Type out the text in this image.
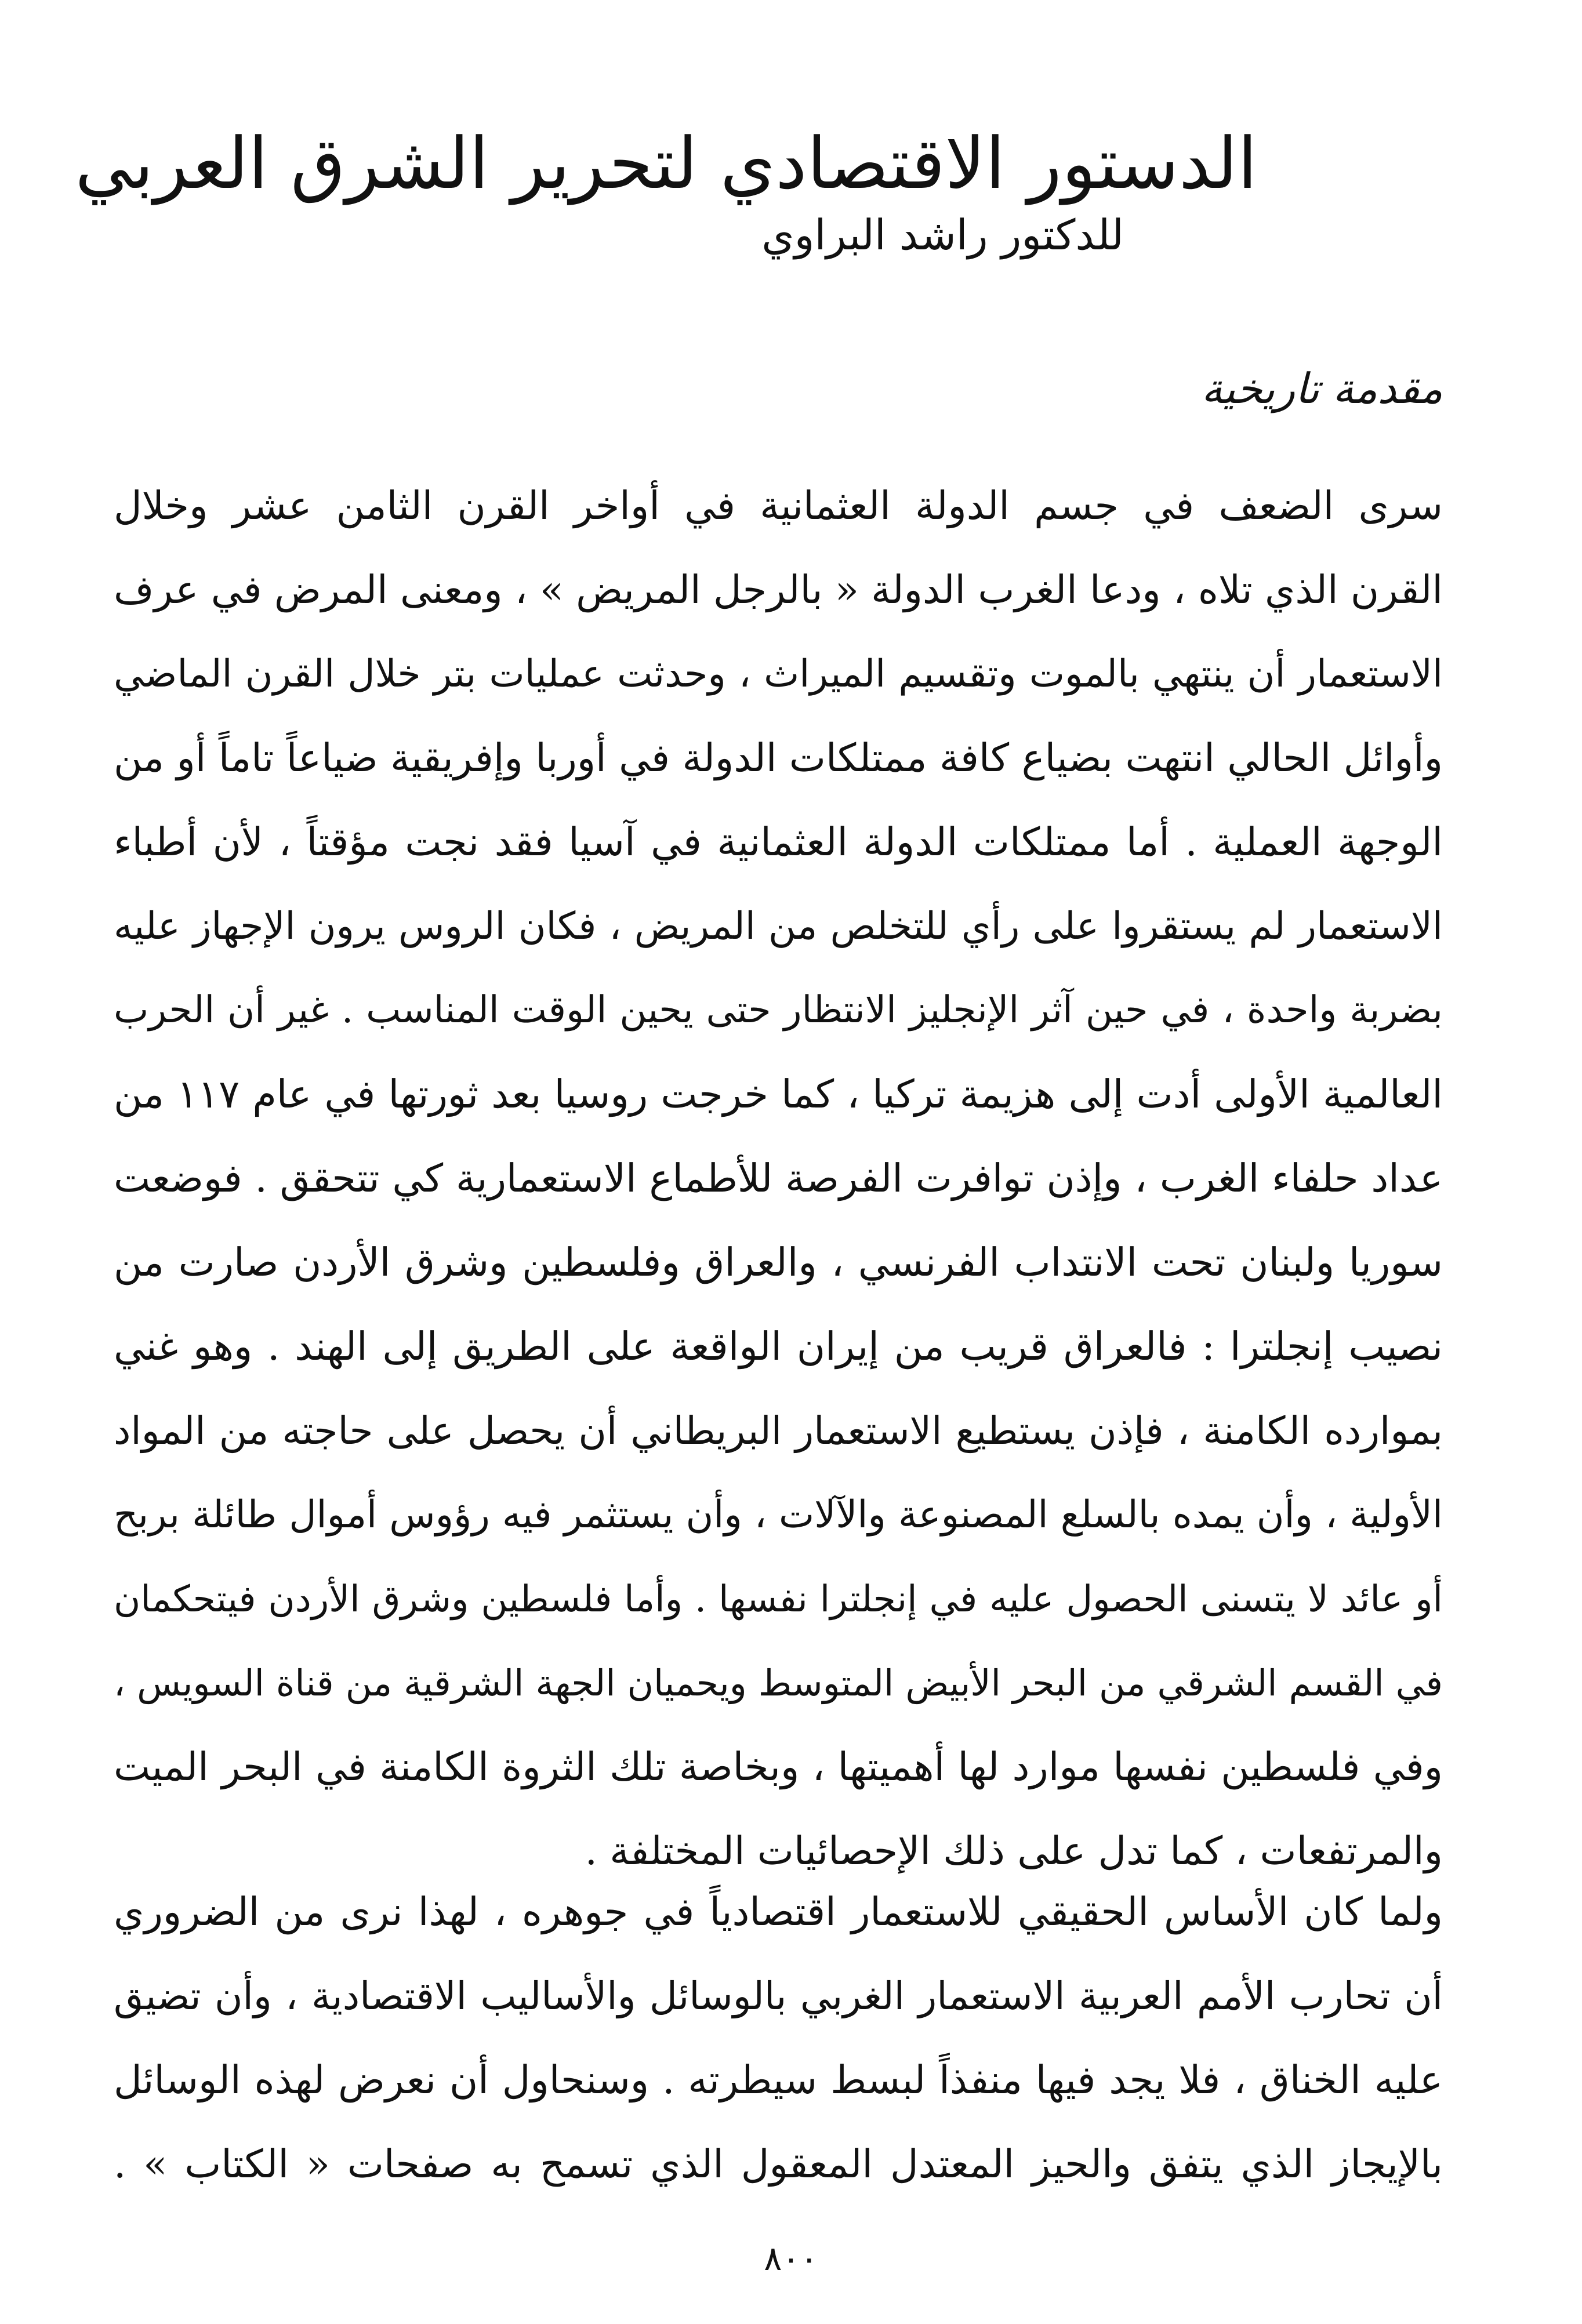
الدستور الاقتصادي لتحرير الشرق العربي
للدكتور راشد البراوي
مقدمة تاريخية
سرى الضعف في جسم الدولة العثمانية في أواخر القرن الثامن عشر وخلال
القرن الذي تلاه ، ودعا الغرب الدولة « بالرجل المريض » ، ومعنى المرض في عرف
الاستعمار أن ينتهي بالموت وتقسيم الميراث ، وحدثت عمليات بتر خلال القرن الماضي
وأوائل الحالي انتهت بضياع كافة ممتلكات الدولة في أوربا وإفريقية ضياعاً تاماً أو من
الوجهة العملية . أما ممتلكات الدولة العثمانية في آسيا فقد نجت مؤقتاً ، لأن أطباء
الاستعمار لم يستقروا على رأي للتخلص من المريض ، فكان الروس يرون الإجهاز عليه
بضربة واحدة ، في حين آثر الإنجليز الانتظار حتى يحين الوقت المناسب . غير أن الحرب
العالمية الأولى أدت إلى هزيمة تركيا ، كما خرجت روسيا بعد ثورتها في عام ١١٧ من
عداد حلفاء الغرب ، وإذن توافرت الفرصة للأطماع الاستعمارية كي تتحقق . فوضعت
سوريا ولبنان تحت الانتداب الفرنسي ، والعراق وفلسطين وشرق الأردن صارت من
نصيب إنجلترا : فالعراق قريب من إيران الواقعة على الطريق إلى الهند . وهو غني
بموارده الكامنة ، فإذن يستطيع الاستعمار البريطاني أن يحصل على حاجته من المواد
الأولية ، وأن يمده بالسلع المصنوعة والآلات ، وأن يستثمر فيه رؤوس أموال طائلة بربح
أو عائد لا يتسنى الحصول عليه في إنجلترا نفسها . وأما فلسطين وشرق الأردن فيتحكمان
في القسم الشرقي من البحر الأبيض المتوسط ويحميان الجهة الشرقية من قناة السويس ،
وفي فلسطين نفسها موارد لها أهميتها ، وبخاصة تلك الثروة الكامنة في البحر الميت
والمرتفعات ، كما تدل على ذلك الإحصائيات المختلفة .
ولما كان الأساس الحقيقي للاستعمار اقتصادياً في جوهره ، لهذا نرى من الضروري
أن تحارب الأمم العربية الاستعمار الغربي بالوسائل والأساليب الاقتصادية ، وأن تضيق
عليه الخناق ، فلا يجد فيها منفذاً لبسط سيطرته . وسنحاول أن نعرض لهذه الوسائل
بالإيجاز الذي يتفق والحيز المعتدل المعقول الذي تسمح به صفحات « الكتاب » .
٨٠٠
